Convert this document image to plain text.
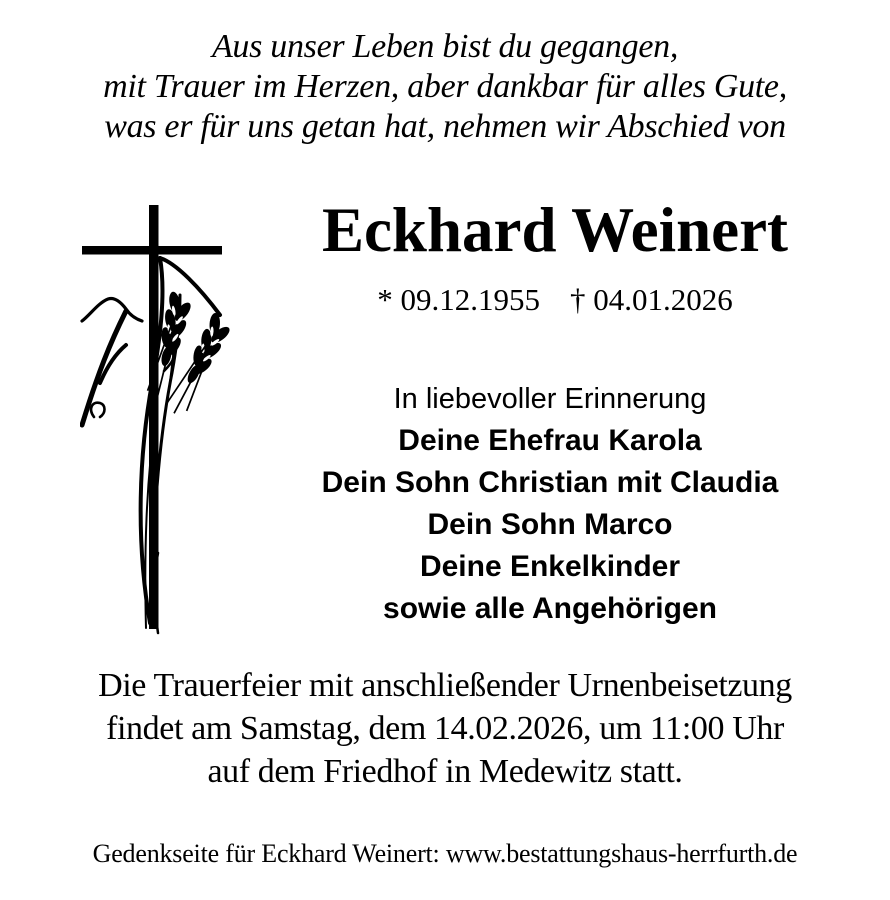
Aus unser Leben bist du gegangen,
mit Trauer im Herzen, aber dankbar für alles Gute,
was er für uns getan hat, nehmen wir Abschied von
Eckhard Weinert
* 09.12.1955 † 04.01.2026
In liebevoller Erinnerung
Deine Ehefrau Karola
Dein Sohn Christian mit Claudia
Dein Sohn Marco
Deine Enkelkinder
sowie alle Angehörigen
Die Trauerfeier mit anschließender Urnenbeisetzung
findet am Samstag, dem 14.02.2026, um 11:00 Uhr
auf dem Friedhof in Medewitz statt.
Gedenkseite für Eckhard Weinert: www.bestattungshaus-herrfurth.de
